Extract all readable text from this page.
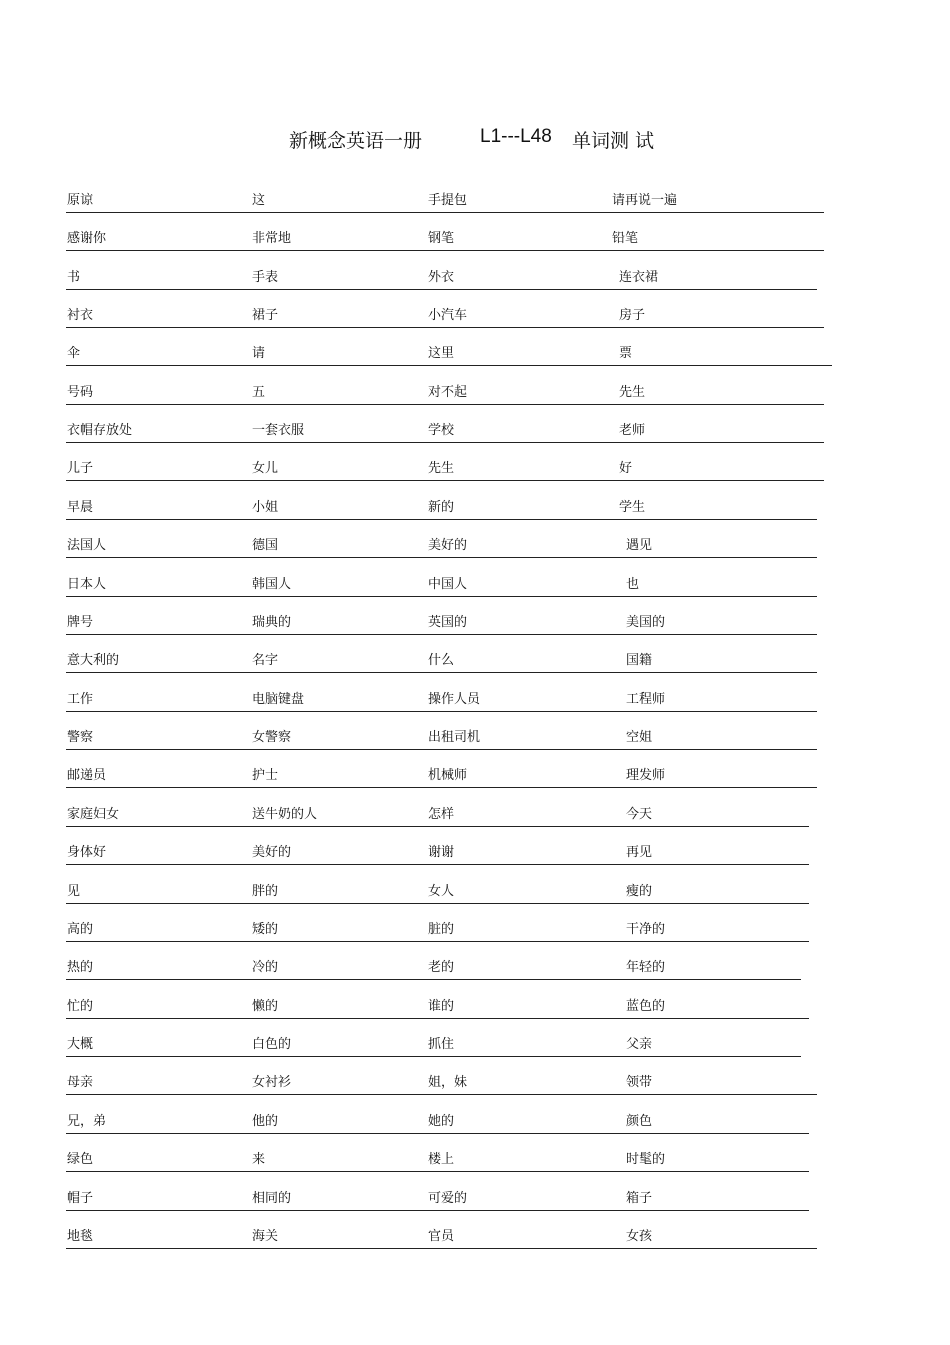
新概念英语一册	L1---L48 单词测 试
原谅	这	手提包	请再说一遍
感谢你	非常地	钢笔	铅笔
书	手表	外衣	连衣裙
衬衣	裙子	小汽车	房子
伞	请	这里	票
号码	五	对不起	先生
衣帽存放处	一套衣服	学校	老师
儿子	女儿	先生	好
早晨	小姐	新的	学生
法国人	德国	美好的	遇见
日本人	韩国人	中国人	也
牌号	瑞典的	英国的	美国的
意大利的	名字	什么	国籍
工作	电脑键盘	操作人员	工程师
警察	女警察	出租司机	空姐
邮递员	护士	机械师	理发师
家庭妇女	送牛奶的人	怎样	今天
身体好	美好的	谢谢	再见
见	胖的	女人	瘦的
高的	矮的	脏的	干净的
热的	冷的	老的	年轻的
忙的	懒的	谁的	蓝色的
大概	白色的	抓住	父亲
母亲	女衬衫	姐，妹	领带
兄，弟	他的	她的	颜色
绿色	来	楼上	时髦的
帽子	相同的	可爱的	箱子
地毯	海关	官员	女孩
